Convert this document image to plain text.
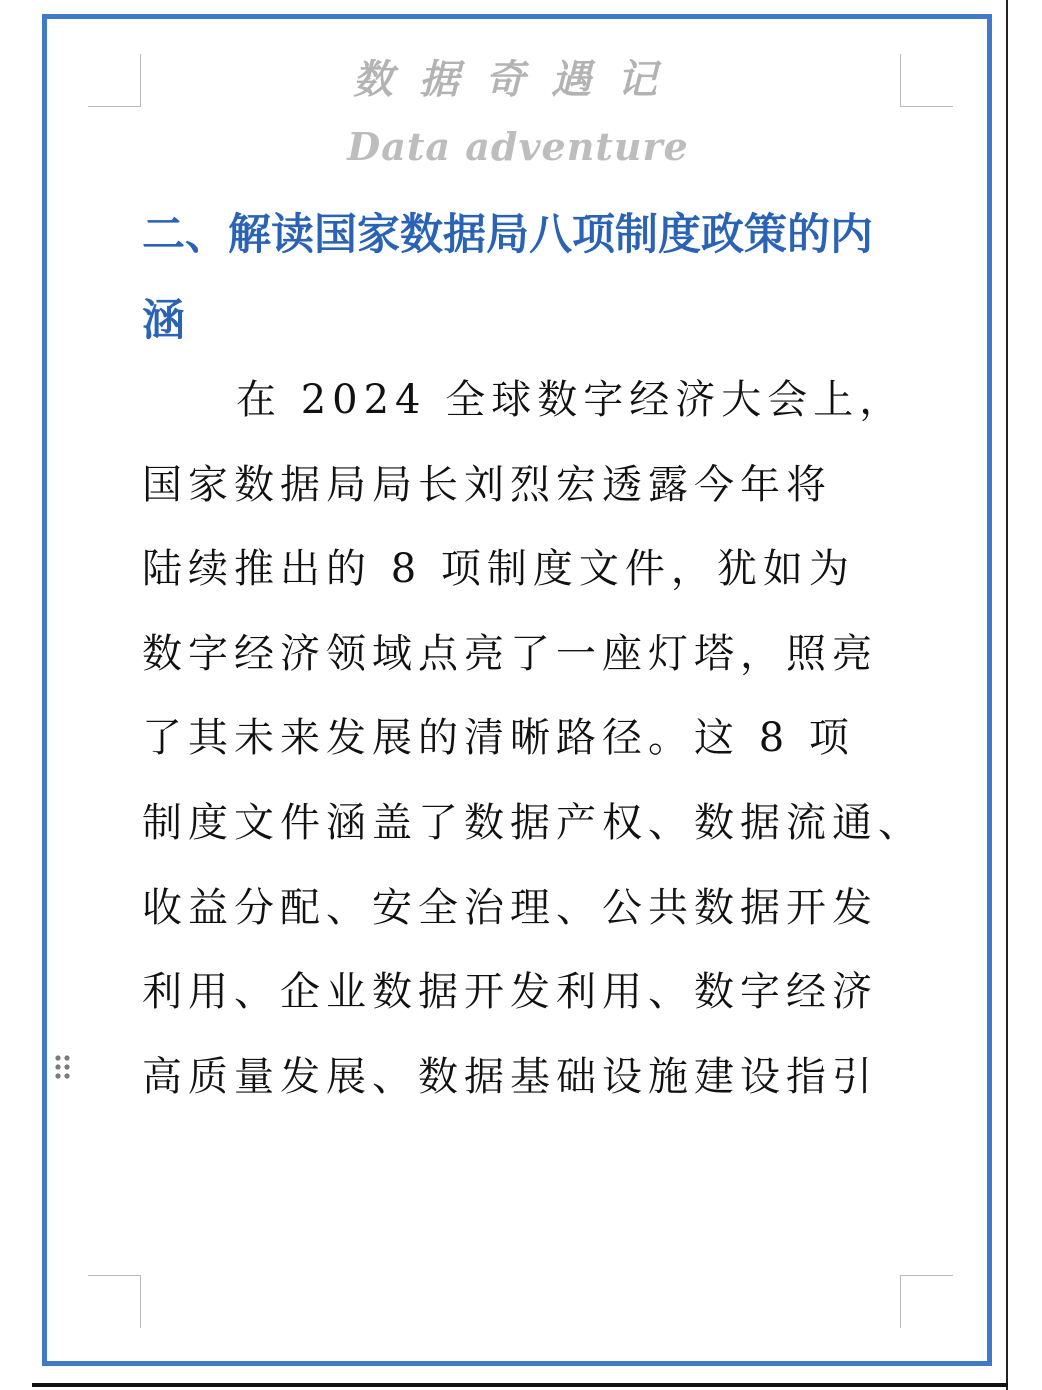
数据奇遇记
Data adventure
二、解读国家数据局八项制度政策的内涵
在 2024 全球数字经济大会上，
国家数据局局长刘烈宏透露今年将
陆续推出的 8 项制度文件，犹如为
数字经济领域点亮了一座灯塔，照亮
了其未来发展的清晰路径。这 8 项
制度文件涵盖了数据产权、数据流通、
收益分配、安全治理、公共数据开发
利用、企业数据开发利用、数字经济
高质量发展、数据基础设施建设指引
